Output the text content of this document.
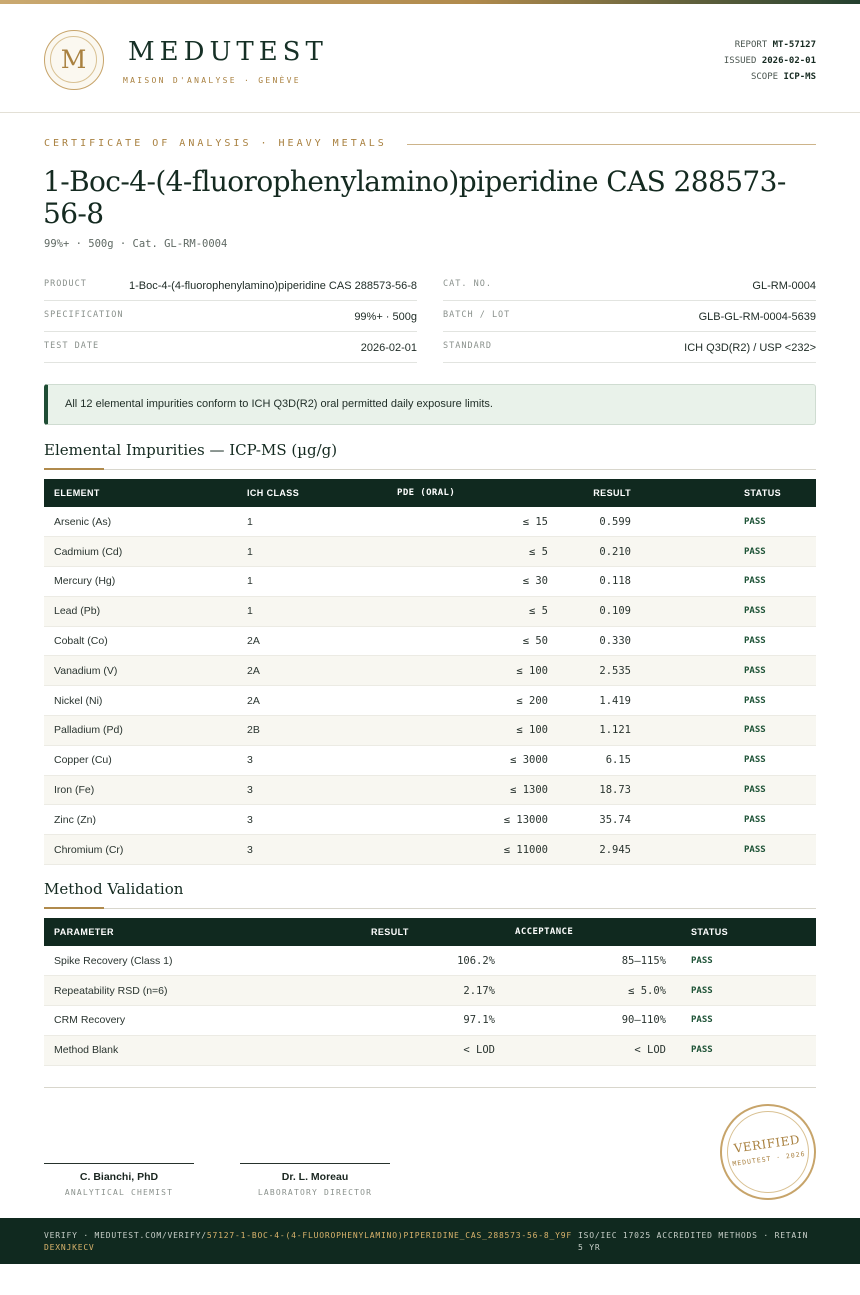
M	MEDUTEST
MAISON D'ANALYSE · GENÈVE
REPORT MT-57127
ISSUED 2026-02-01
SCOPE ICP-MS
CERTIFICATE OF ANALYSIS · HEAVY METALS
1-Boc-4-(4-fluorophenylamino)piperidine CAS 288573-56-8
99%+ · 500g · Cat. GL-RM-0004
PRODUCT	1-Boc-4-(4-fluorophenylamino)piperidine CAS 288573-56-8
SPECIFICATION	99%+ · 500g
TEST DATE	2026-02-01
CAT. NO.	GL-RM-0004
BATCH / LOT	GLB-GL-RM-0004-5639
STANDARD	ICH Q3D(R2) / USP <232>
All 12 elemental impurities conform to ICH Q3D(R2) oral permitted daily exposure limits.
Elemental Impurities — ICP-MS (µg/g)
ELEMENT	ICH CLASS	PDE (ORAL)	RESULT	STATUS
Arsenic (As)	1	≤ 15	0.599	PASS
Cadmium (Cd)	1	≤ 5	0.210	PASS
Mercury (Hg)	1	≤ 30	0.118	PASS
Lead (Pb)	1	≤ 5	0.109	PASS
Cobalt (Co)	2A	≤ 50	0.330	PASS
Vanadium (V)	2A	≤ 100	2.535	PASS
Nickel (Ni)	2A	≤ 200	1.419	PASS
Palladium (Pd)	2B	≤ 100	1.121	PASS
Copper (Cu)	3	≤ 3000	6.15	PASS
Iron (Fe)	3	≤ 1300	18.73	PASS
Zinc (Zn)	3	≤ 13000	35.74	PASS
Chromium (Cr)	3	≤ 11000	2.945	PASS
Method Validation
PARAMETER	RESULT	ACCEPTANCE	STATUS
Spike Recovery (Class 1)	106.2%	85–115%	PASS
Repeatability RSD (n=6)	2.17%	≤ 5.0%	PASS
CRM Recovery	97.1%	90–110%	PASS
Method Blank	< LOD	< LOD	PASS
C. Bianchi, PhD
ANALYTICAL CHEMIST
Dr. L. Moreau
LABORATORY DIRECTOR
VERIFIED
MEDUTEST · 2026
VERIFY · MEDUTEST.COM/VERIFY/57127-1-BOC-4-(4-FLUOROPHENYLAMINO)PIPERIDINE_CAS_288573-56-8_Y9FDEXNJKECV
ISO/IEC 17025 ACCREDITED METHODS · RETAIN 5 YR
